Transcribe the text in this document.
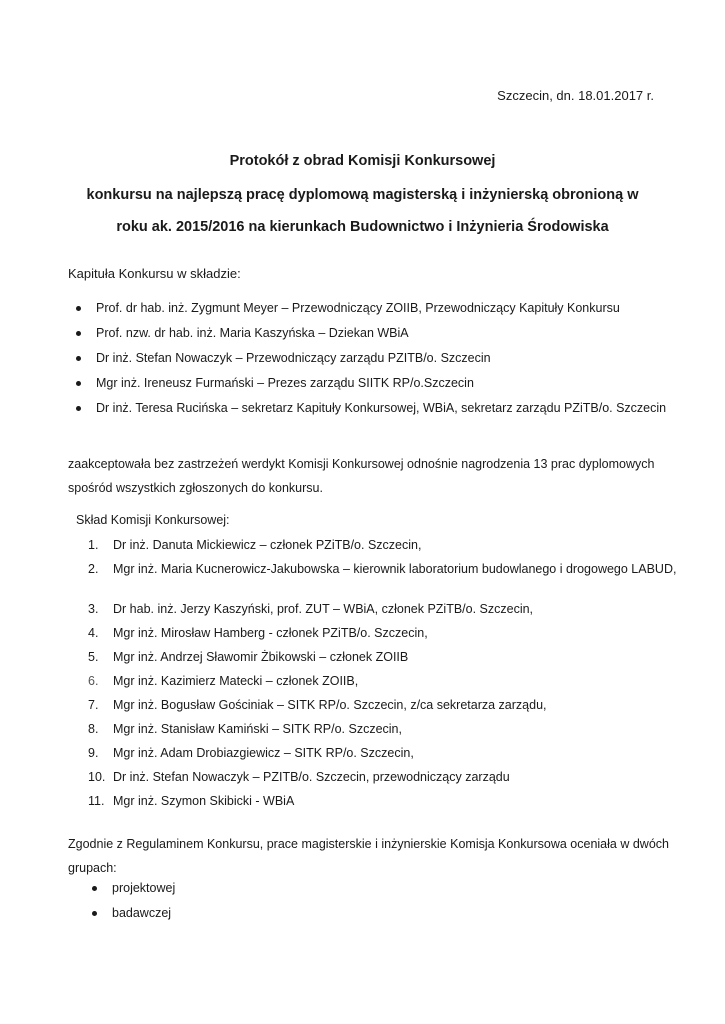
Szczecin, dn. 18.01.2017 r.
Protokół z obrad Komisji Konkursowej
konkursu na najlepszą pracę dyplomową magisterską i inżynierską obronioną w
roku ak. 2015/2016 na kierunkach Budownictwo i Inżynieria Środowiska
Kapituła Konkursu w składzie:
Prof. dr hab. inż. Zygmunt Meyer – Przewodniczący ZOIIB, Przewodniczący Kapituły Konkursu
Prof. nzw. dr hab. inż. Maria Kaszyńska – Dziekan WBiA
Dr inż. Stefan Nowaczyk – Przewodniczący zarządu PZITB/o. Szczecin
Mgr inż. Ireneusz Furmański – Prezes zarządu SIITK RP/o.Szczecin
Dr inż. Teresa Rucińska – sekretarz Kapituły Konkursowej, WBiA, sekretarz zarządu PZiTB/o. Szczecin
zaakceptowała bez zastrzeżeń werdykt Komisji Konkursowej odnośnie nagrodzenia 13 prac dyplomowych
spośród wszystkich zgłoszonych do konkursu.
Skład Komisji Konkursowej:
1. Dr inż. Danuta Mickiewicz – członek PZiTB/o. Szczecin,
2. Mgr inż. Maria Kucnerowicz-Jakubowska – kierownik laboratorium budowlanego i drogowego LABUD,
3. Dr hab. inż. Jerzy Kaszyński, prof. ZUT – WBiA, członek PZiTB/o. Szczecin,
4. Mgr inż. Mirosław Hamberg - członek PZiTB/o. Szczecin,
5. Mgr inż. Andrzej Sławomir Żbikowski – członek ZOIIB
6. Mgr inż. Kazimierz Matecki – członek ZOIIB,
7. Mgr inż. Bogusław Gościniak – SITK RP/o. Szczecin, z/ca sekretarza zarządu,
8. Mgr inż. Stanisław Kamiński – SITK RP/o. Szczecin,
9. Mgr inż. Adam Drobiazgiewicz – SITK RP/o. Szczecin,
10. Dr inż. Stefan Nowaczyk – PZITB/o. Szczecin, przewodniczący zarządu
11. Mgr inż. Szymon Skibicki - WBiA
Zgodnie z Regulaminem Konkursu, prace magisterskie i inżynierskie Komisja Konkursowa oceniała w dwóch
grupach:
projektowej
badawczej
